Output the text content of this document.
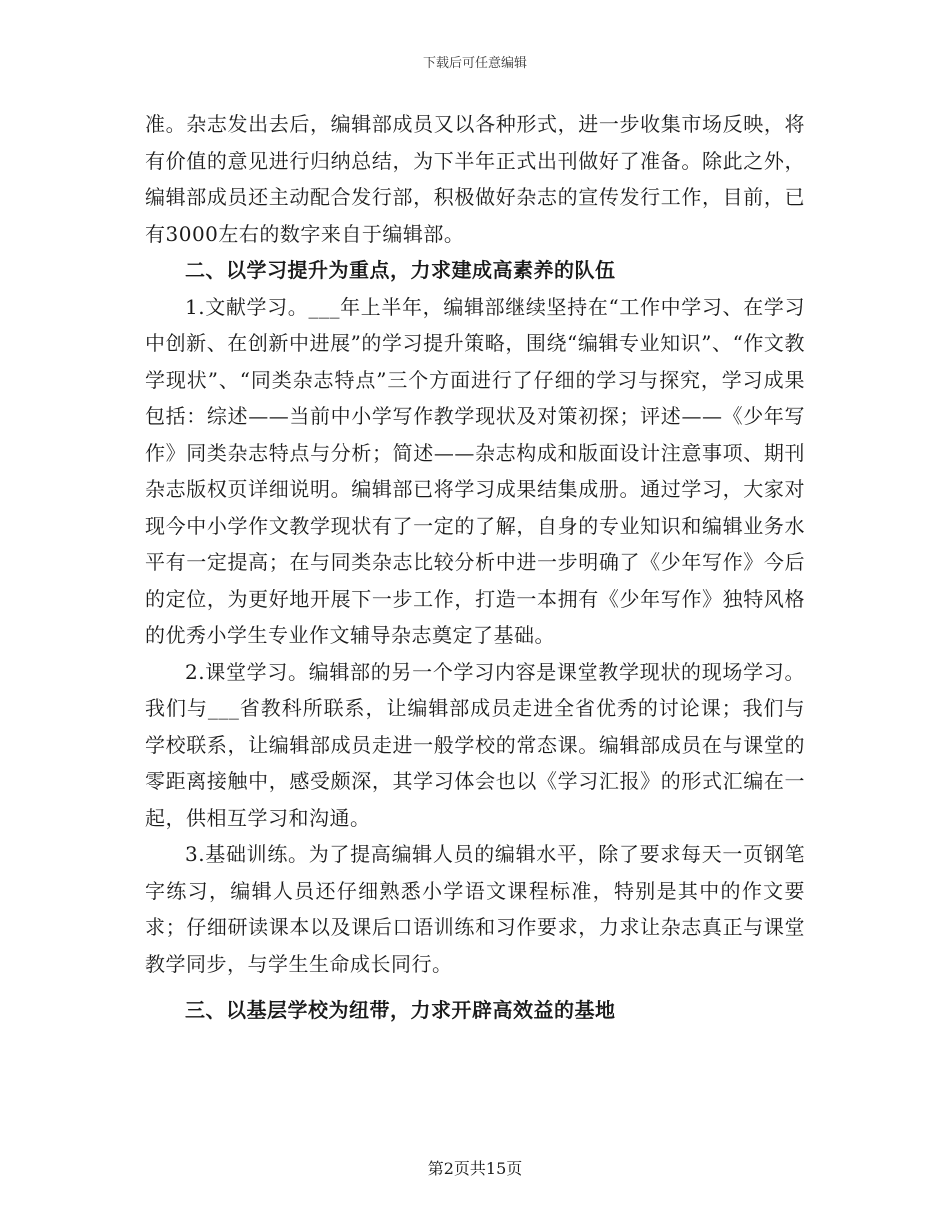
下载后可任意编辑

准。杂志发出去后，编辑部成员又以各种形式，进一步收集市场反映，将有价值的意见进行归纳总结，为下半年正式出刊做好了准备。除此之外，编辑部成员还主动配合发行部，积极做好杂志的宣传发行工作，目前，已有3000左右的数字来自于编辑部。

二、以学习提升为重点，力求建成高素养的队伍

1.文献学习。___年上半年，编辑部继续坚持在“工作中学习、在学习中创新、在创新中进展”的学习提升策略，围绕“编辑专业知识”、“作文教学现状”、“同类杂志特点”三个方面进行了仔细的学习与探究，学习成果包括：综述——当前中小学写作教学现状及对策初探；评述——《少年写作》同类杂志特点与分析；简述——杂志构成和版面设计注意事项、期刊杂志版权页详细说明。编辑部已将学习成果结集成册。通过学习，大家对现今中小学作文教学现状有了一定的了解，自身的专业知识和编辑业务水平有一定提高；在与同类杂志比较分析中进一步明确了《少年写作》今后的定位，为更好地开展下一步工作，打造一本拥有《少年写作》独特风格的优秀小学生专业作文辅导杂志奠定了基础。

2.课堂学习。编辑部的另一个学习内容是课堂教学现状的现场学习。我们与___省教科所联系，让编辑部成员走进全省优秀的讨论课；我们与学校联系，让编辑部成员走进一般学校的常态课。编辑部成员在与课堂的零距离接触中，感受颇深，其学习体会也以《学习汇报》的形式汇编在一起，供相互学习和沟通。

3.基础训练。为了提高编辑人员的编辑水平，除了要求每天一页钢笔字练习，编辑人员还仔细熟悉小学语文课程标准，特别是其中的作文要求；仔细研读课本以及课后口语训练和习作要求，力求让杂志真正与课堂教学同步，与学生生命成长同行。

三、以基层学校为纽带，力求开辟高效益的基地

第2页共15页
